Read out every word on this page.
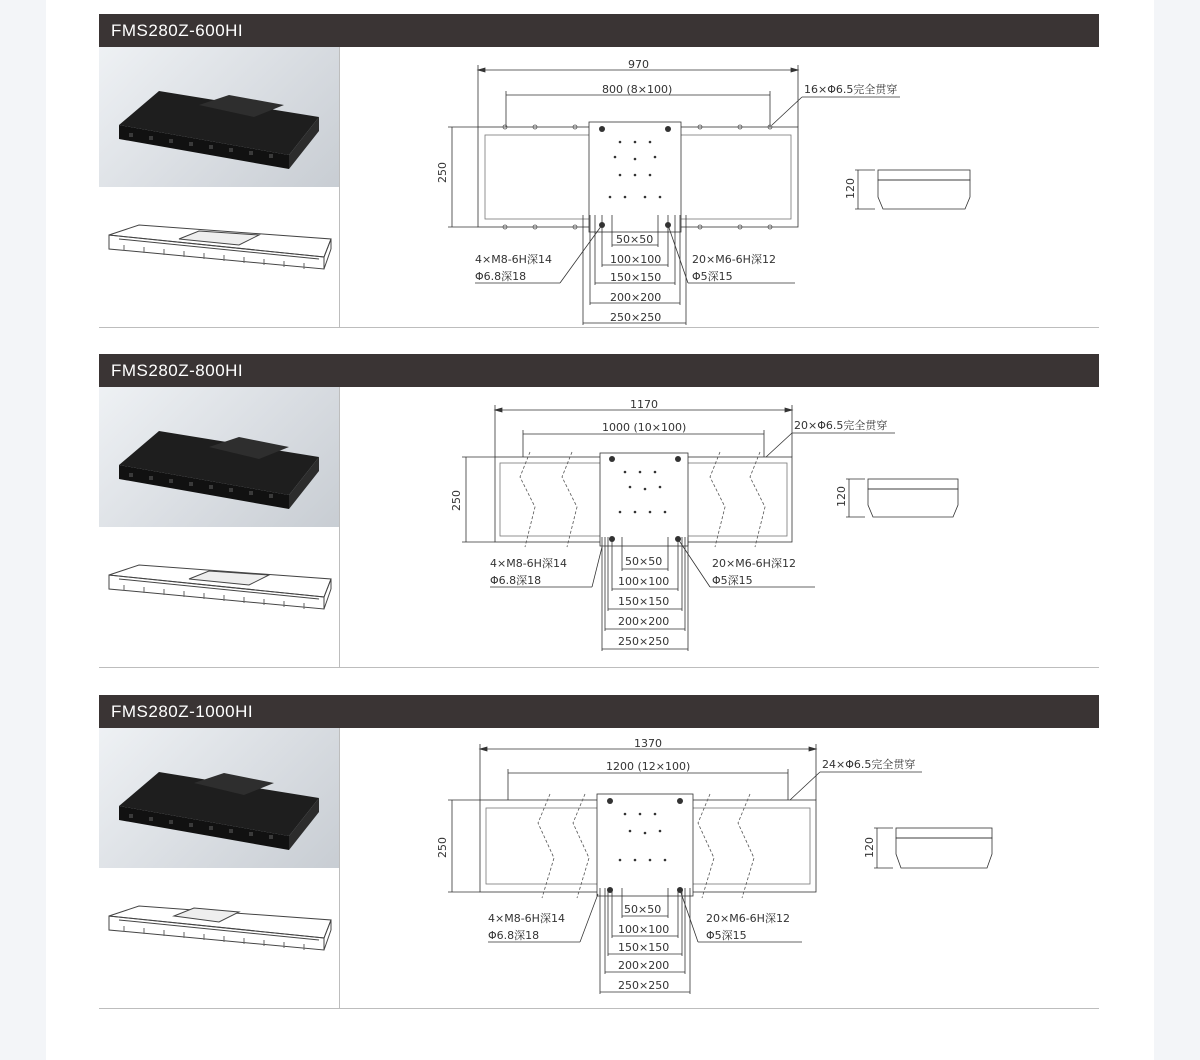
FMS280Z-600HI
970
800 (8×100)	16×Φ6.5完全贯穿
250
50×50
100×100
150×150
200×200
250×250
4×M8-6H深14
Φ6.8深18
20×M6-6H深12
Φ5深15
120
FMS280Z-800HI
1170
1000 (10×100)	20×Φ6.5完全贯穿
250
50×50
100×100
150×150
200×200
250×250
4×M8-6H深14
Φ6.8深18
20×M6-6H深12
Φ5深15
120
FMS280Z-1000HI
1370
1200 (12×100)	24×Φ6.5完全贯穿
250
50×50
100×100
150×150
200×200
250×250
4×M8-6H深14
Φ6.8深18
20×M6-6H深12
Φ5深15
120
